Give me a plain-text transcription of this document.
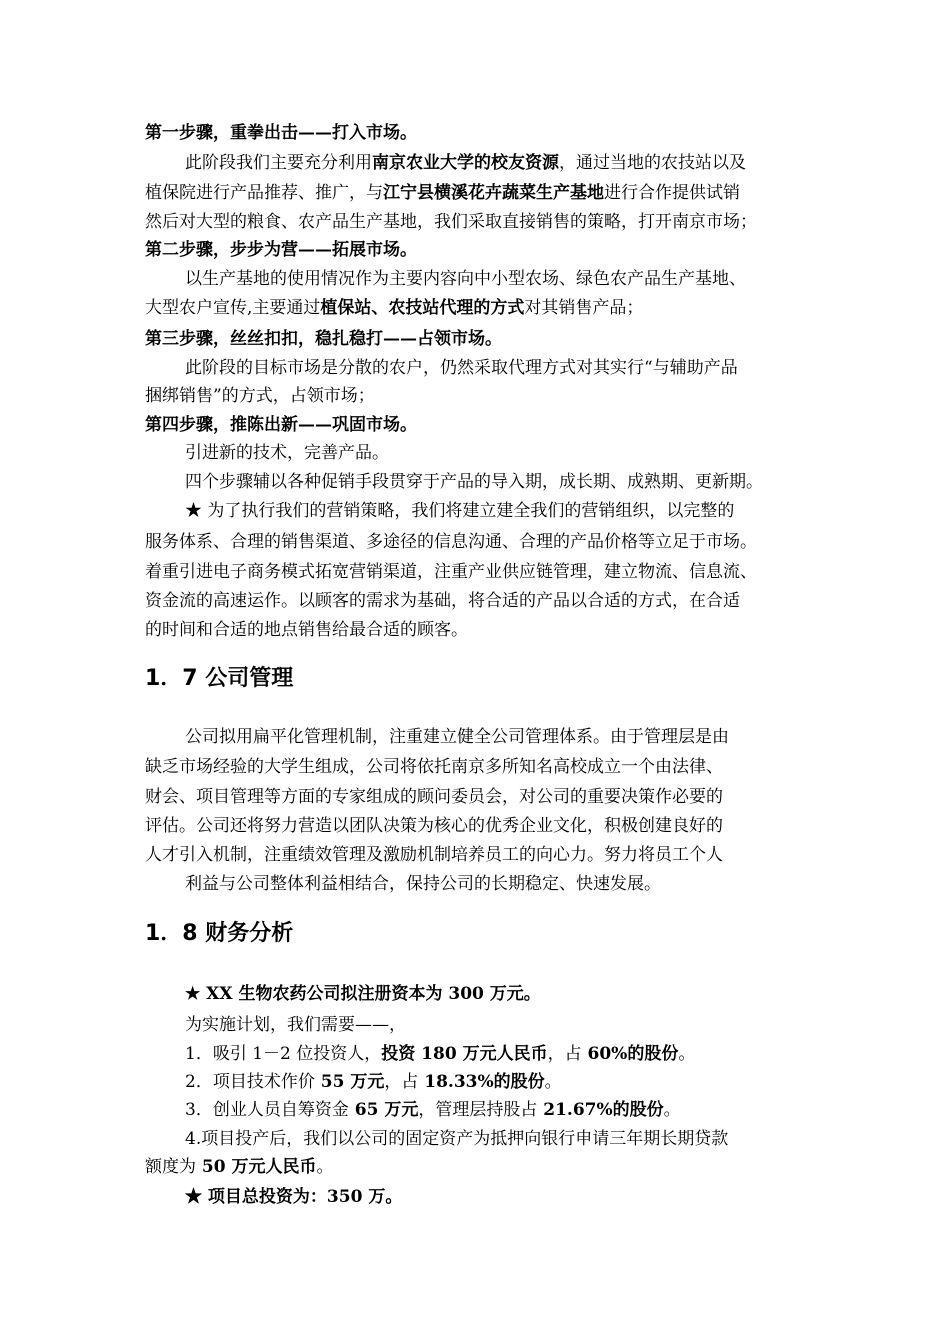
第一步骤，重拳出击——打入市场。

此阶段我们主要充分利用南京农业大学的校友资源，通过当地的农技站以及

植保院进行产品推荐、推广，与江宁县横溪花卉蔬菜生产基地进行合作提供试销

然后对大型的粮食、农产品生产基地，我们采取直接销售的策略，打开南京市场；

第二步骤，步步为营——拓展市场。

以生产基地的使用情况作为主要内容向中小型农场、绿色农产品生产基地、

大型农户宣传,主要通过植保站、农技站代理的方式对其销售产品；

第三步骤，丝丝扣扣，稳扎稳打——占领市场。

此阶段的目标市场是分散的农户，仍然采取代理方式对其实行“与辅助产品

捆绑销售”的方式，占领市场；

第四步骤，推陈出新——巩固市场。

引进新的技术，完善产品。

四个步骤辅以各种促销手段贯穿于产品的导入期，成长期、成熟期、更新期。

★ 为了执行我们的营销策略，我们将建立建全我们的营销组织，以完整的

服务体系、合理的销售渠道、多途径的信息沟通、合理的产品价格等立足于市场。

着重引进电子商务模式拓宽营销渠道，注重产业供应链管理，建立物流、信息流、

资金流的高速运作。以顾客的需求为基础，将合适的产品以合适的方式，在合适

的时间和合适的地点销售给最合适的顾客。

1．7 公司管理

公司拟用扁平化管理机制，注重建立健全公司管理体系。由于管理层是由

缺乏市场经验的大学生组成，公司将依托南京多所知名高校成立一个由法律、

财会、项目管理等方面的专家组成的顾问委员会，对公司的重要决策作必要的

评估。公司还将努力营造以团队决策为核心的优秀企业文化，积极创建良好的

人才引入机制，注重绩效管理及激励机制培养员工的向心力。努力将员工个人

利益与公司整体利益相结合，保持公司的长期稳定、快速发展。

1．8 财务分析

★ XX 生物农药公司拟注册资本为 300 万元。

为实施计划，我们需要——，

1．吸引 1－2 位投资人，投资 180 万元人民币，占 60%的股份。

2．项目技术作价 55 万元，占 18.33%的股份。

3．创业人员自筹资金 65 万元，管理层持股占 21.67%的股份。

4.项目投产后，我们以公司的固定资产为抵押向银行申请三年期长期贷款

额度为 50 万元人民币。

★ 项目总投资为：350 万。
